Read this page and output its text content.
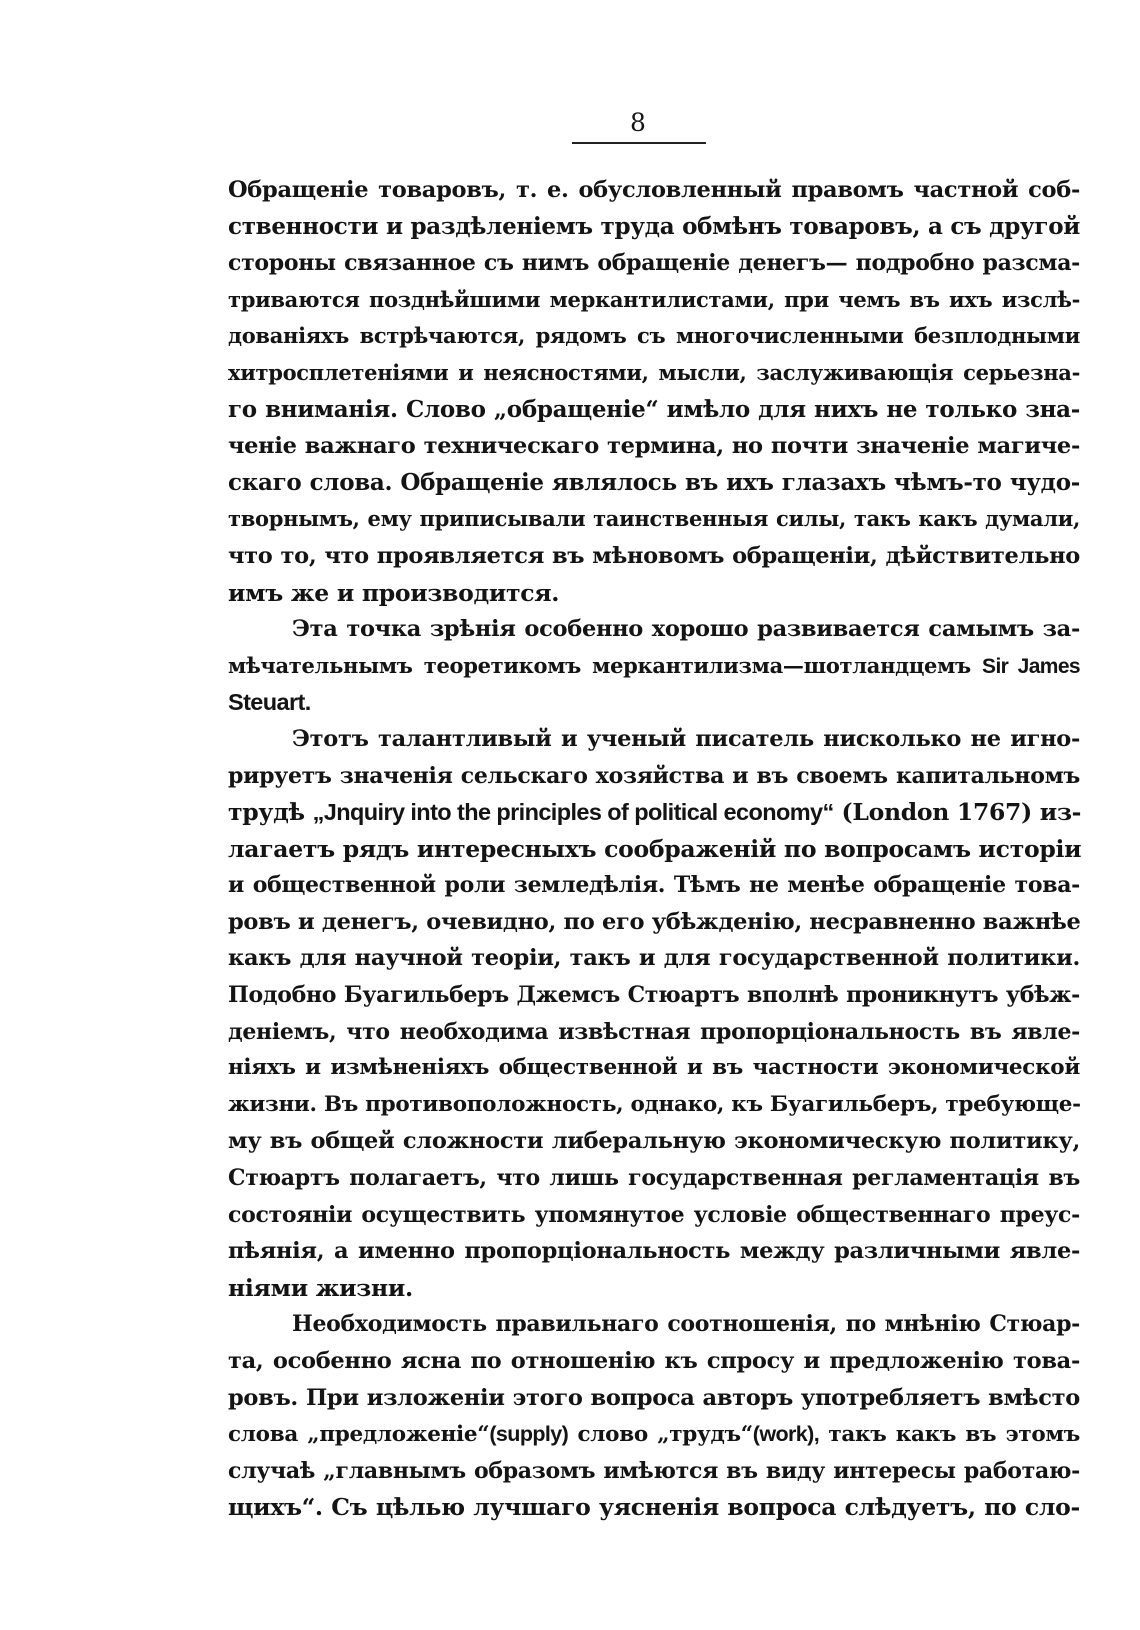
8
Обращеніе товаровъ, т. е. обусловленный правомъ частной соб-
ственности и раздѣленіемъ труда обмѣнъ товаровъ, а съ другой
стороны связанное съ нимъ обращеніе денегъ— подробно разсма-
триваются позднѣйшими меркантилистами, при чемъ въ ихъ изслѣ-
дованіяхъ встрѣчаются, рядомъ съ многочисленными безплодными
хитросплетеніями и неясностями, мысли, заслуживающія серьезна-
го вниманія. Слово „обращеніе“ имѣло для нихъ не только зна-
ченіе важнаго техническаго термина, но почти значеніе магиче-
скаго слова. Обращеніе являлось въ ихъ глазахъ чѣмъ-то чудо-
творнымъ, ему приписывали таинственныя силы, такъ какъ думали,
что то, что проявляется въ мѣновомъ обращеніи, дѣйствительно
имъ же и производится.
Эта точка зрѣнія особенно хорошо развивается самымъ за-
мѣчательнымъ теоретикомъ меркантилизма—шотландцемъ Sir James
Steuart.
Этотъ талантливый и ученый писатель нисколько не игно-
рируетъ значенія сельскаго хозяйства и въ своемъ капитальномъ
трудѣ „Jnquiry into the principles of political economy“ (London 1767) из-
лагаетъ рядъ интересныхъ соображеній по вопросамъ исторіи
и общественной роли земледѣлія. Тѣмъ не менѣе обращеніе това-
ровъ и денегъ, очевидно, по его убѣжденію, несравненно важнѣе
какъ для научной теоріи, такъ и для государственной политики.
Подобно Буагильберъ Джемсъ Стюартъ вполнѣ проникнутъ убѣж-
деніемъ, что необходима извѣстная пропорціональность въ явле-
ніяхъ и измѣненіяхъ общественной и въ частности экономической
жизни. Въ противоположность, однако, къ Буагильберъ, требующе-
му въ общей сложности либеральную экономическую политику,
Стюартъ полагаетъ, что лишь государственная регламентація въ
состояніи осуществить упомянутое условіе общественнаго преус-
пѣянія, а именно пропорціональность между различными явле-
ніями жизни.
Необходимость правильнаго соотношенія, по мнѣнію Стюар-
та, особенно ясна по отношенію къ спросу и предложенію това-
ровъ. При изложеніи этого вопроса авторъ употребляетъ вмѣсто
слова „предложеніе“(supply) слово „трудъ“(work), такъ какъ въ этомъ
случаѣ „главнымъ образомъ имѣются въ виду интересы работаю-
щихъ“. Съ цѣлью лучшаго уясненія вопроса слѣдуетъ, по сло-
